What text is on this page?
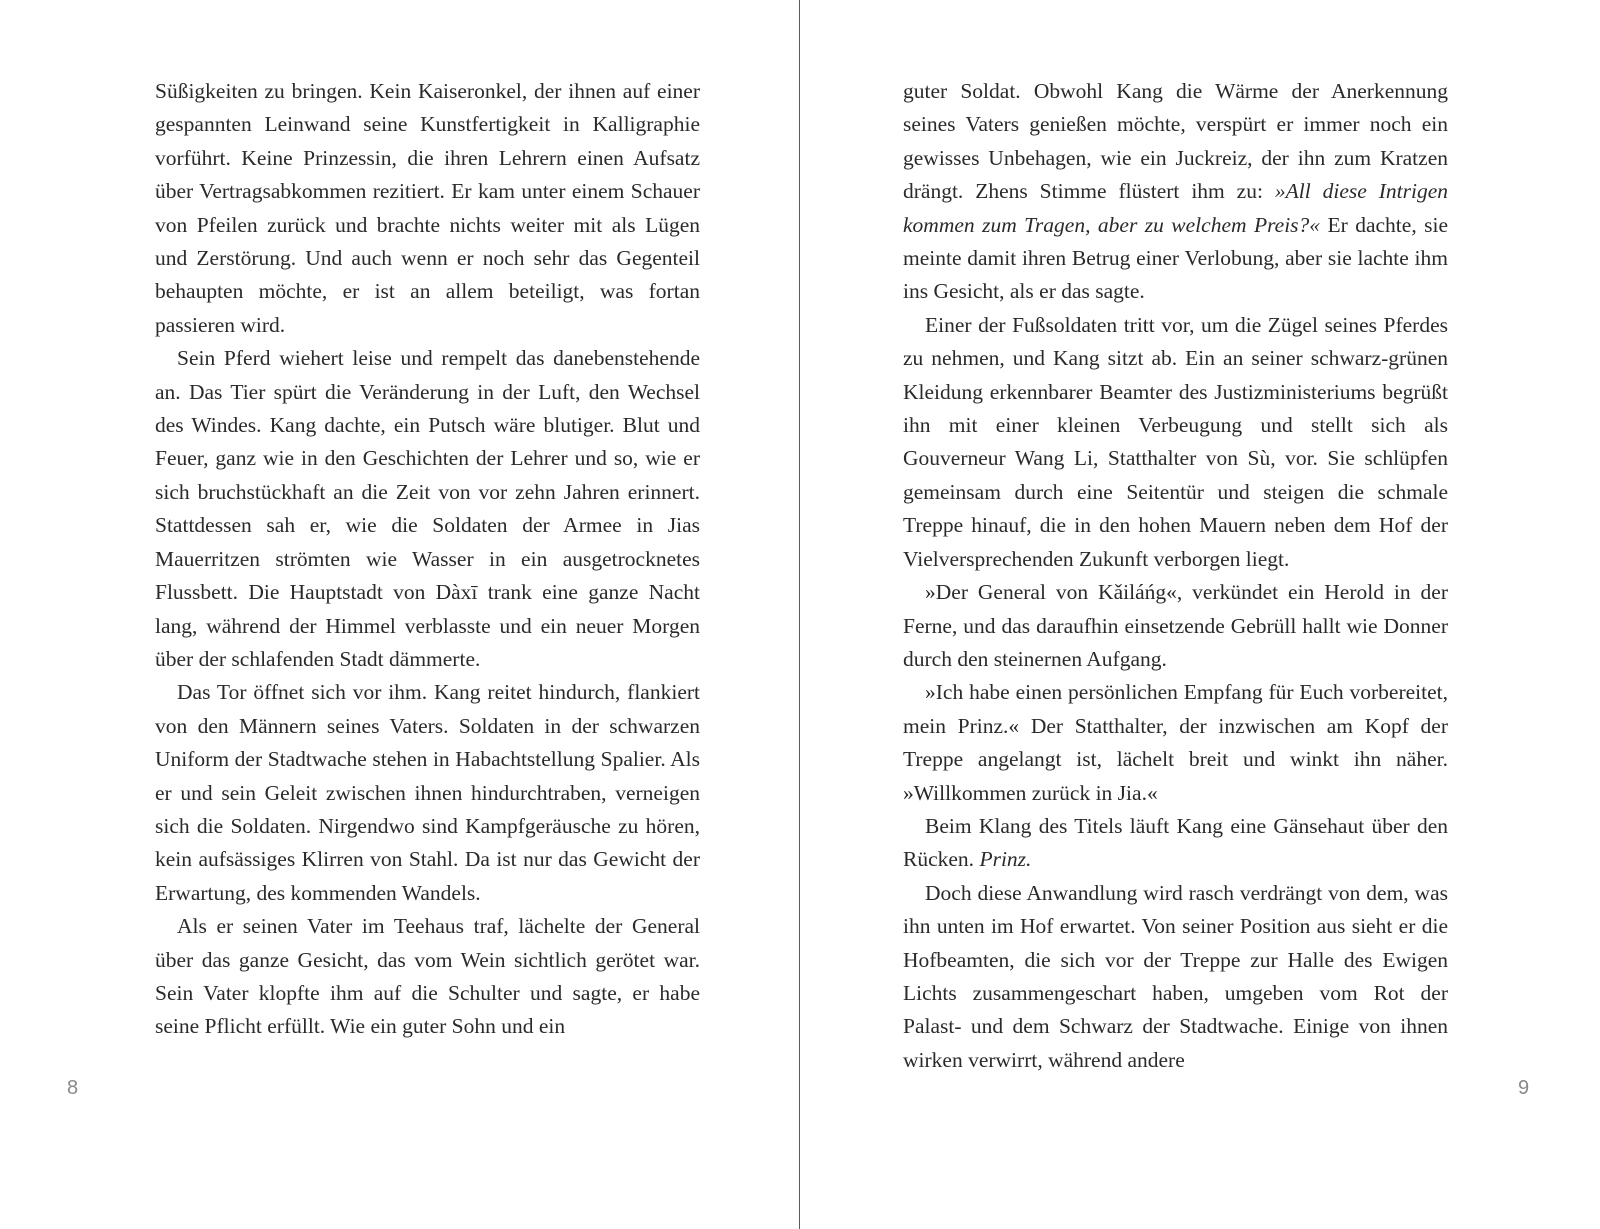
Süßigkeiten zu bringen. Kein Kaiseronkel, der ihnen auf einer gespannten Leinwand seine Kunstfertigkeit in Kalligraphie vorführt. Keine Prinzessin, die ihren Lehrern einen Aufsatz über Vertragsabkommen rezitiert. Er kam unter einem Schauer von Pfeilen zurück und brachte nichts weiter mit als Lügen und Zerstörung. Und auch wenn er noch sehr das Gegenteil behaupten möchte, er ist an allem beteiligt, was fortan passieren wird.

Sein Pferd wiehert leise und rempelt das danebenstehende an. Das Tier spürt die Veränderung in der Luft, den Wechsel des Windes. Kang dachte, ein Putsch wäre blutiger. Blut und Feuer, ganz wie in den Geschichten der Lehrer und so, wie er sich bruchstückhaft an die Zeit von vor zehn Jahren erinnert. Stattdessen sah er, wie die Soldaten der Armee in Jias Mauerritzen strömten wie Wasser in ein ausgetrocknetes Flussbett. Die Hauptstadt von Dàxī trank eine ganze Nacht lang, während der Himmel verblasste und ein neuer Morgen über der schlafenden Stadt dämmerte.

Das Tor öffnet sich vor ihm. Kang reitet hindurch, flankiert von den Männern seines Vaters. Soldaten in der schwarzen Uniform der Stadtwache stehen in Habachtstellung Spalier. Als er und sein Geleit zwischen ihnen hindurchtraben, verneigen sich die Soldaten. Nirgendwo sind Kampfgeräusche zu hören, kein aufsässiges Klirren von Stahl. Da ist nur das Gewicht der Erwartung, des kommenden Wandels.

Als er seinen Vater im Teehaus traf, lächelte der General über das ganze Gesicht, das vom Wein sichtlich gerötet war. Sein Vater klopfte ihm auf die Schulter und sagte, er habe seine Pflicht erfüllt. Wie ein guter Sohn und ein

8

guter Soldat. Obwohl Kang die Wärme der Anerkennung seines Vaters genießen möchte, verspürt er immer noch ein gewisses Unbehagen, wie ein Juckreiz, der ihn zum Kratzen drängt. Zhens Stimme flüstert ihm zu: »All diese Intrigen kommen zum Tragen, aber zu welchem Preis?« Er dachte, sie meinte damit ihren Betrug einer Verlobung, aber sie lachte ihm ins Gesicht, als er das sagte.

Einer der Fußsoldaten tritt vor, um die Zügel seines Pferdes zu nehmen, und Kang sitzt ab. Ein an seiner schwarz-grünen Kleidung erkennbarer Beamter des Justizministeriums begrüßt ihn mit einer kleinen Verbeugung und stellt sich als Gouverneur Wang Li, Statthalter von Sù, vor. Sie schlüpfen gemeinsam durch eine Seitentür und steigen die schmale Treppe hinauf, die in den hohen Mauern neben dem Hof der Vielversprechenden Zukunft verborgen liegt.

»Der General von Kǎiláńg«, verkündet ein Herold in der Ferne, und das daraufhin einsetzende Gebrüll hallt wie Donner durch den steinernen Aufgang.

»Ich habe einen persönlichen Empfang für Euch vorbereitet, mein Prinz.« Der Statthalter, der inzwischen am Kopf der Treppe angelangt ist, lächelt breit und winkt ihn näher. »Willkommen zurück in Jia.«

Beim Klang des Titels läuft Kang eine Gänsehaut über den Rücken. Prinz.

Doch diese Anwandlung wird rasch verdrängt von dem, was ihn unten im Hof erwartet. Von seiner Position aus sieht er die Hofbeamten, die sich vor der Treppe zur Halle des Ewigen Lichts zusammengeschart haben, umgeben vom Rot der Palast- und dem Schwarz der Stadtwache. Einige von ihnen wirken verwirrt, während andere

9
